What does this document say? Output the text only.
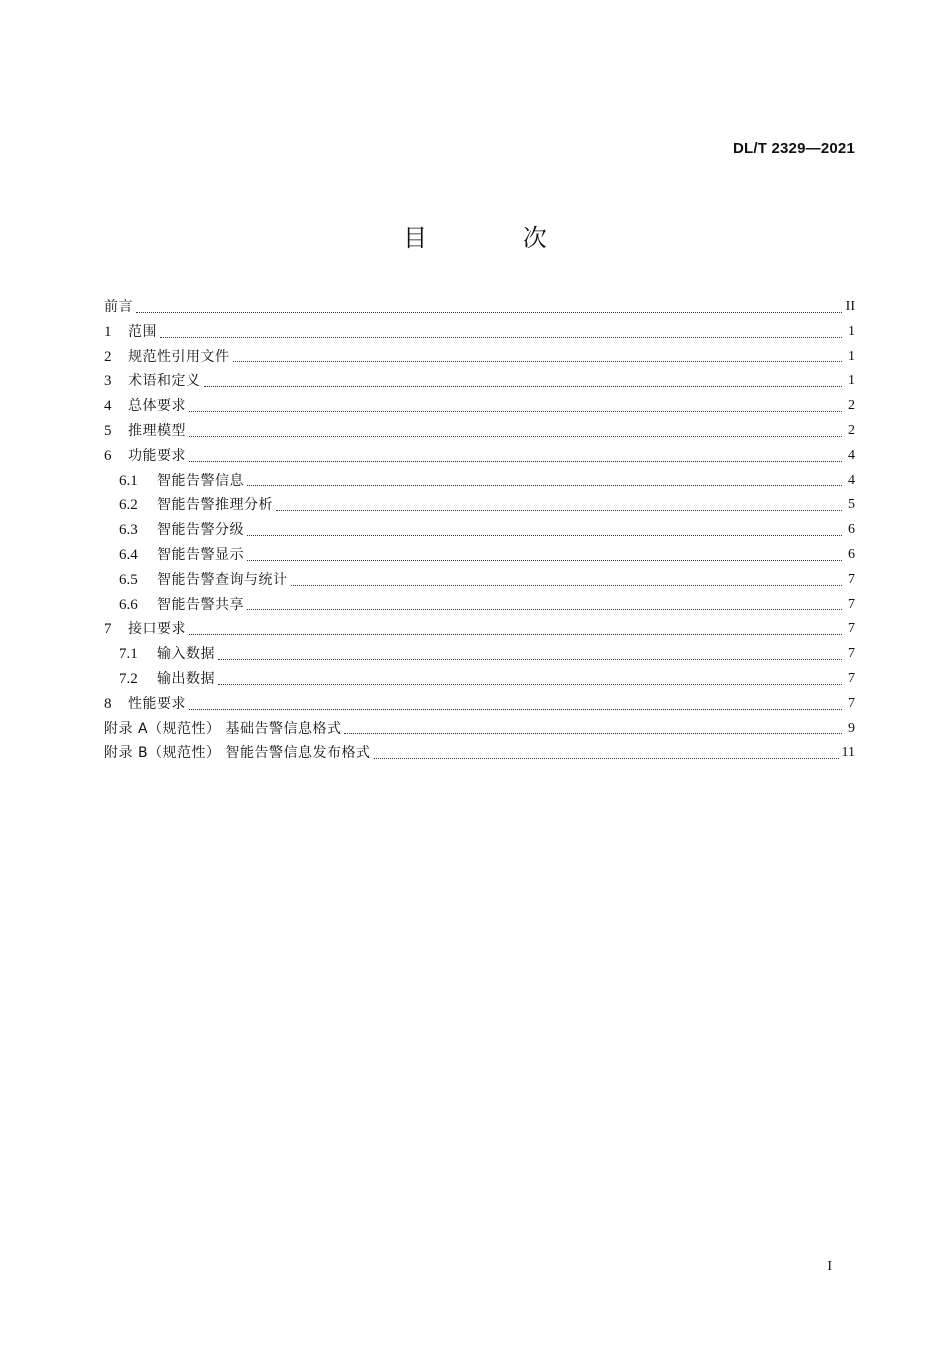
DL/T 2329—2021
目 次
前言	II
1	范围	1
2	规范性引用文件	1
3	术语和定义	1
4	总体要求	2
5	推理模型	2
6	功能要求	4
6.1	智能告警信息	4
6.2	智能告警推理分析	5
6.3	智能告警分级	6
6.4	智能告警显示	6
6.5	智能告警查询与统计	7
6.6	智能告警共享	7
7	接口要求	7
7.1	输入数据	7
7.2	输出数据	7
8	性能要求	7
附录 A（规范性） 基础告警信息格式	9
附录 B（规范性） 智能告警信息发布格式	11
I
